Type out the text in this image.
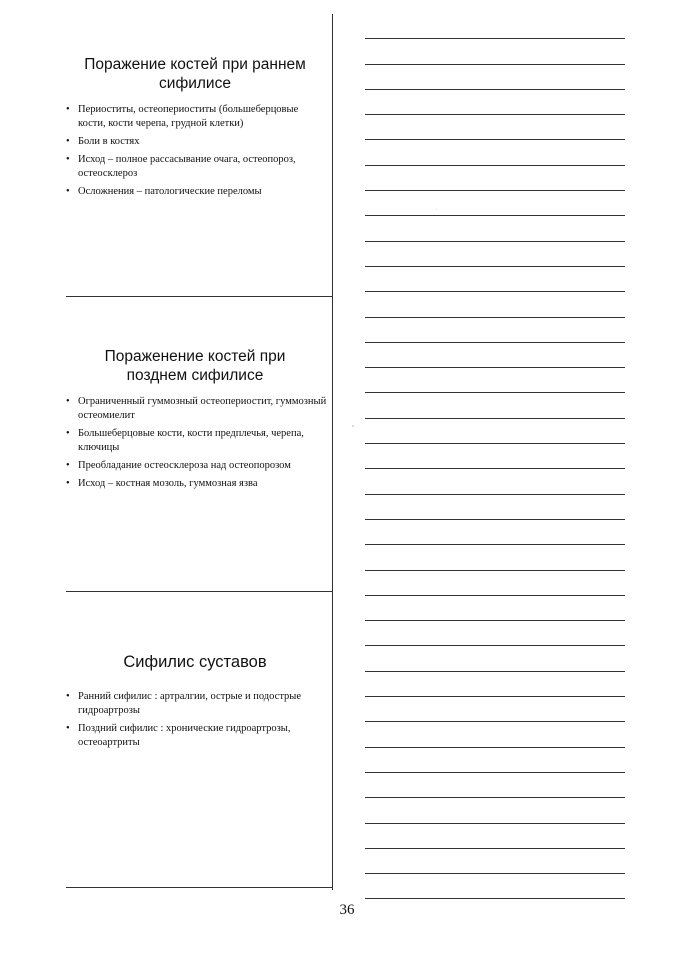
Поражение костей при раннем сифилисе
• Периоститы, остеопериоститы (большеберцовые кости, кости черепа, грудной клетки)
• Боли в костях
• Исход – полное рассасывание очага, остеопороз, остеосклероз
• Осложнения – патологические переломы
Пораженение костей при позднем сифилисе
• Ограниченный гуммозный остеопериостит, гуммозный остеомиелит
• Большеберцовые кости, кости предплечья, черепа, ключицы
• Преобладание остеосклероза над остеопорозом
• Исход – костная мозоль, гуммозная язва
Сифилис суставов
• Ранний сифилис : артралгии, острые и подострые гидроартрозы
• Поздний сифилис : хронические гидроартрозы, остеоартриты
·
°
36
